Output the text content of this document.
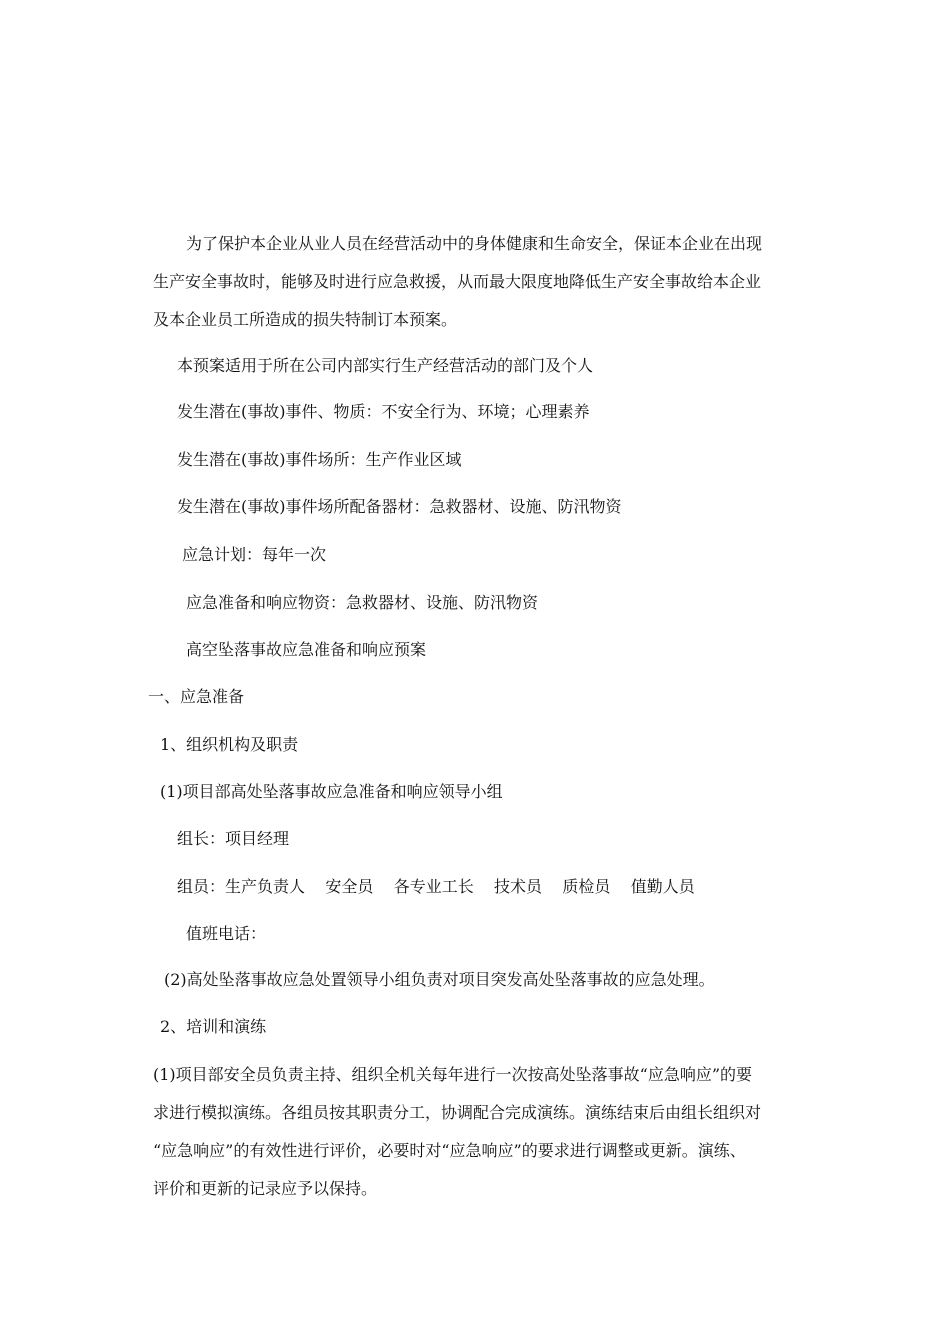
为了保护本企业从业人员在经营活动中的身体健康和生命安全，保证本企业在出现

生产安全事故时，能够及时进行应急救援，从而最大限度地降低生产安全事故给本企业

及本企业员工所造成的损失特制订本预案。

本预案适用于所在公司内部实行生产经营活动的部门及个人

发生潜在(事故)事件、物质：不安全行为、环境；心理素养

发生潜在(事故)事件场所：生产作业区域

发生潜在(事故)事件场所配备器材：急救器材、设施、防汛物资

应急计划：每年一次

应急准备和响应物资：急救器材、设施、防汛物资

高空坠落事故应急准备和响应预案

一、应急准备

1、组织机构及职责

(1)项目部高处坠落事故应急准备和响应领导小组

组长：项目经理

组员：生产负责人    安全员    各专业工长    技术员    质检员    值勤人员

值班电话：

(2)高处坠落事故应急处置领导小组负责对项目突发高处坠落事故的应急处理。

2、培训和演练

(1)项目部安全员负责主持、组织全机关每年进行一次按高处坠落事故“应急响应”的要

求进行模拟演练。各组员按其职责分工，协调配合完成演练。演练结束后由组长组织对

“应急响应”的有效性进行评价，必要时对“应急响应”的要求进行调整或更新。演练、

评价和更新的记录应予以保持。
